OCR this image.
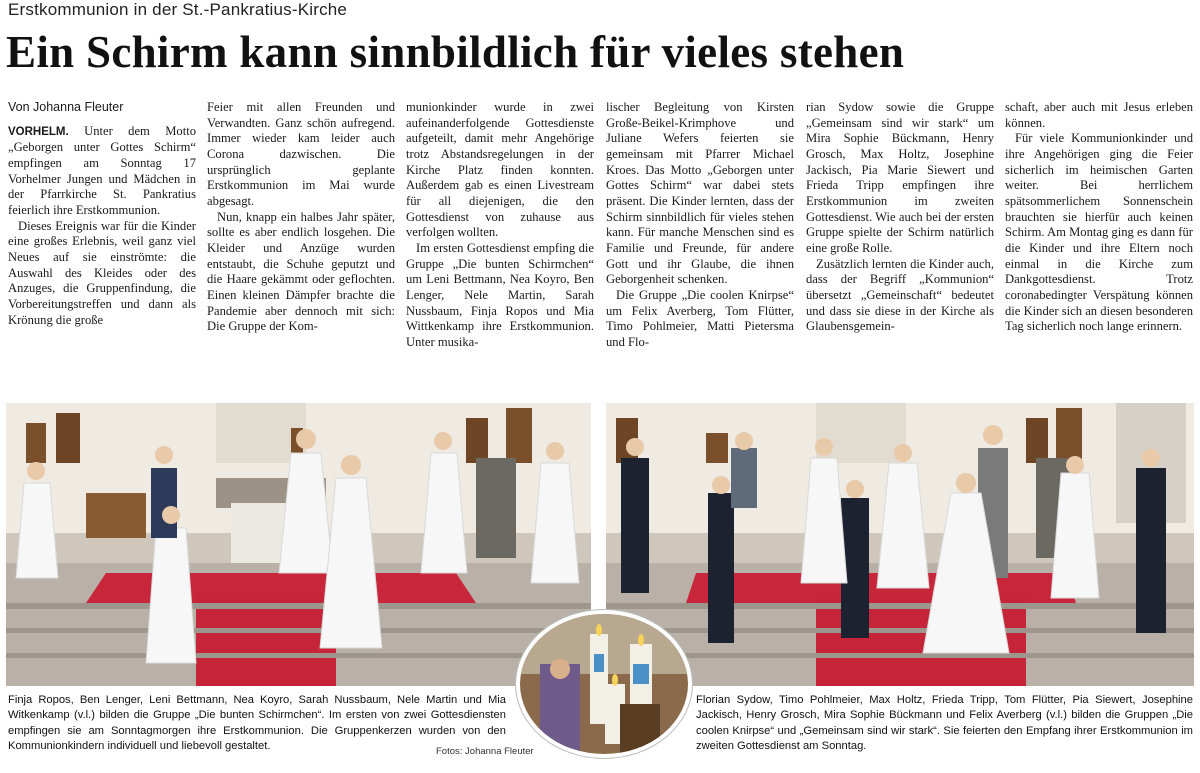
Erstkommunion in der St.-Pankratius-Kirche
Ein Schirm kann sinnbildlich für vieles stehen
Von Johanna Fleuter

VORHELM. Unter dem Motto „Geborgen unter Gottes Schirm“ empfingen am Sonntag 17 Vorhelmer Jungen und Mädchen in der Pfarrkirche St. Pankratius feierlich ihre Erstkommunion.

Dieses Ereignis war für die Kinder eine großes Erlebnis, weil ganz viel Neues auf sie einströmte: die Auswahl des Kleides oder des Anzuges, die Gruppenfindung, die Vorbereitungstreffen und dann als Krönung die große

Feier mit allen Freunden und Verwandten. Ganz schön aufregend. Immer wieder kam leider auch Corona dazwischen. Die ursprünglich geplante Erstkommunion im Mai wurde abgesagt.

Nun, knapp ein halbes Jahr später, sollte es aber endlich losgehen. Die Kleider und Anzüge wurden entstaubt, die Schuhe geputzt und die Haare gekämmt oder geflochten. Einen kleinen Dämpfer brachte die Pandemie aber dennoch mit sich: Die Gruppe der Kom-

munionkinder wurde in zwei aufeinanderfolgende Gottesdienste aufgeteilt, damit mehr Angehörige trotz Abstandsregelungen in der Kirche Platz finden konnten. Außerdem gab es einen Livestream für all diejenigen, die den Gottesdienst von zuhause aus verfolgen wollten.

Im ersten Gottesdienst empfing die Gruppe „Die bunten Schirmchen“ um Leni Bettmann, Nea Koyro, Ben Lenger, Nele Martin, Sarah Nussbaum, Finja Ropos und Mia Wittkenkamp ihre Erstkommunion. Unter musika-

lischer Begleitung von Kirsten Große-Beikel-Krimphove und Juliane Wefers feierten sie gemeinsam mit Pfarrer Michael Kroes. Das Motto „Geborgen unter Gottes Schirm“ war dabei stets präsent. Die Kinder lernten, dass der Schirm sinnbildlich für vieles stehen kann. Für manche Menschen sind es Familie und Freunde, für andere Gott und ihr Glaube, die ihnen Geborgenheit schenken.

Die Gruppe „Die coolen Knirpse“ um Felix Averberg, Tom Flütter, Timo Pohlmeier, Matti Pietersma und Flo-

rian Sydow sowie die Gruppe „Gemeinsam sind wir stark“ um Mira Sophie Bückmann, Henry Grosch, Max Holtz, Josephine Jackisch, Pia Marie Siewert und Frieda Tripp empfingen ihre Erstkommunion im zweiten Gottesdienst. Wie auch bei der ersten Gruppe spielte der Schirm natürlich eine große Rolle.

Zusätzlich lernten die Kinder auch, dass der Begriff „Kommunion“ übersetzt „Gemeinschaft“ bedeutet und dass sie diese in der Kirche als Glaubensgemein-

schaft, aber auch mit Jesus erleben können.

Für viele Kommunionkinder und ihre Angehörigen ging die Feier sicherlich im heimischen Garten weiter. Bei herrlichem spätsommerlichem Sonnenschein brauchten sie hierfür auch keinen Schirm. Am Montag ging es dann für die Kinder und ihre Eltern noch einmal in die Kirche zum Dankgottesdienst. Trotz coronabedingter Verspätung können die Kinder sich an diesen besonderen Tag sicherlich noch lange erinnern.

Finja Ropos, Ben Lenger, Leni Bettmann, Nea Koyro, Sarah Nussbaum, Nele Martin und Mia Witkenkamp (v.l.) bilden die Gruppe „Die bunten Schirmchen“. Im ersten von zwei Gottesdiensten empfingen sie am Sonntagmorgen ihre Erstkommunion. Die Gruppenkerzen wurden von den Kommunionkindern individuell und liebevoll gestaltet.	Fotos: Johanna Fleuter
Florian Sydow, Timo Pohlmeier, Max Holtz, Frieda Tripp, Tom Flütter, Pia Siewert, Josephine Jackisch, Henry Grosch, Mira Sophie Bückmann und Felix Averberg (v.l.) bilden die Gruppen „Die coolen Knirpse“ und „Gemeinsam sind wir stark“. Sie feierten den Empfang ihrer Erstkommunion im zweiten Gottesdienst am Sonntag.
